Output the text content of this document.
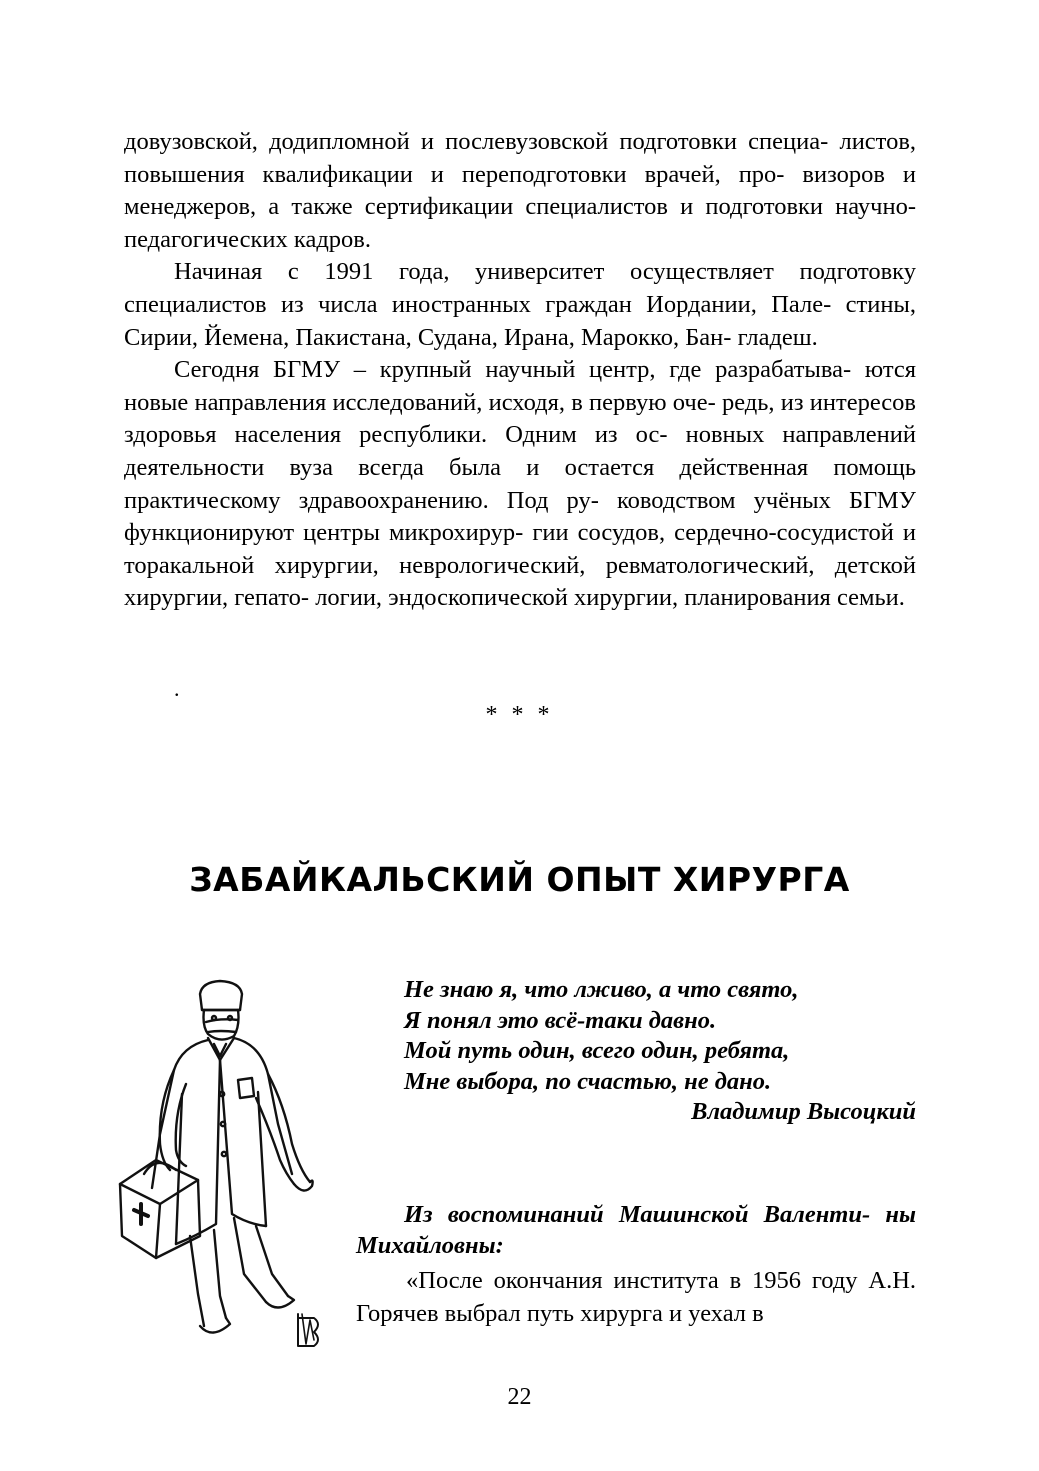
довузовской, додипломной и послевузовской подготовки специа- листов, повышения квалификации и переподготовки врачей, про- визоров и менеджеров, а также сертификации специалистов и подготовки научно-педагогических кадров.

Начиная с 1991 года, университет осуществляет подготовку специалистов из числа иностранных граждан Иордании, Пале- стины, Сирии, Йемена, Пакистана, Судана, Ирана, Марокко, Бан- гладеш.

Сегодня БГМУ – крупный научный центр, где разрабатыва- ются новые направления исследований, исходя, в первую оче- редь, из интересов здоровья населения республики. Одним из ос- новных направлений деятельности вуза всегда была и остается действенная помощь практическому здравоохранению. Под ру- ководством учёных БГМУ функционируют центры микрохирур- гии сосудов, сердечно-сосудистой и торакальной хирургии, неврологический, ревматологический, детской хирургии, гепато- логии, эндоскопической хирургии, планирования семьи.

.
* * *
ЗАБАЙКАЛЬСКИЙ ОПЫТ ХИРУРГА
Не знаю я, что лживо, а что свято,
Я понял это всё-таки давно.
Мой путь один, всего один, ребята,
Мне выбора, по счастью, не дано.
Владимир Высоцкий

Из воспоминаний Машинской Валенти- ны Михайловны:

«После окончания института в 1956 году А.Н. Горячев выбрал путь хирурга и уехал в

22
